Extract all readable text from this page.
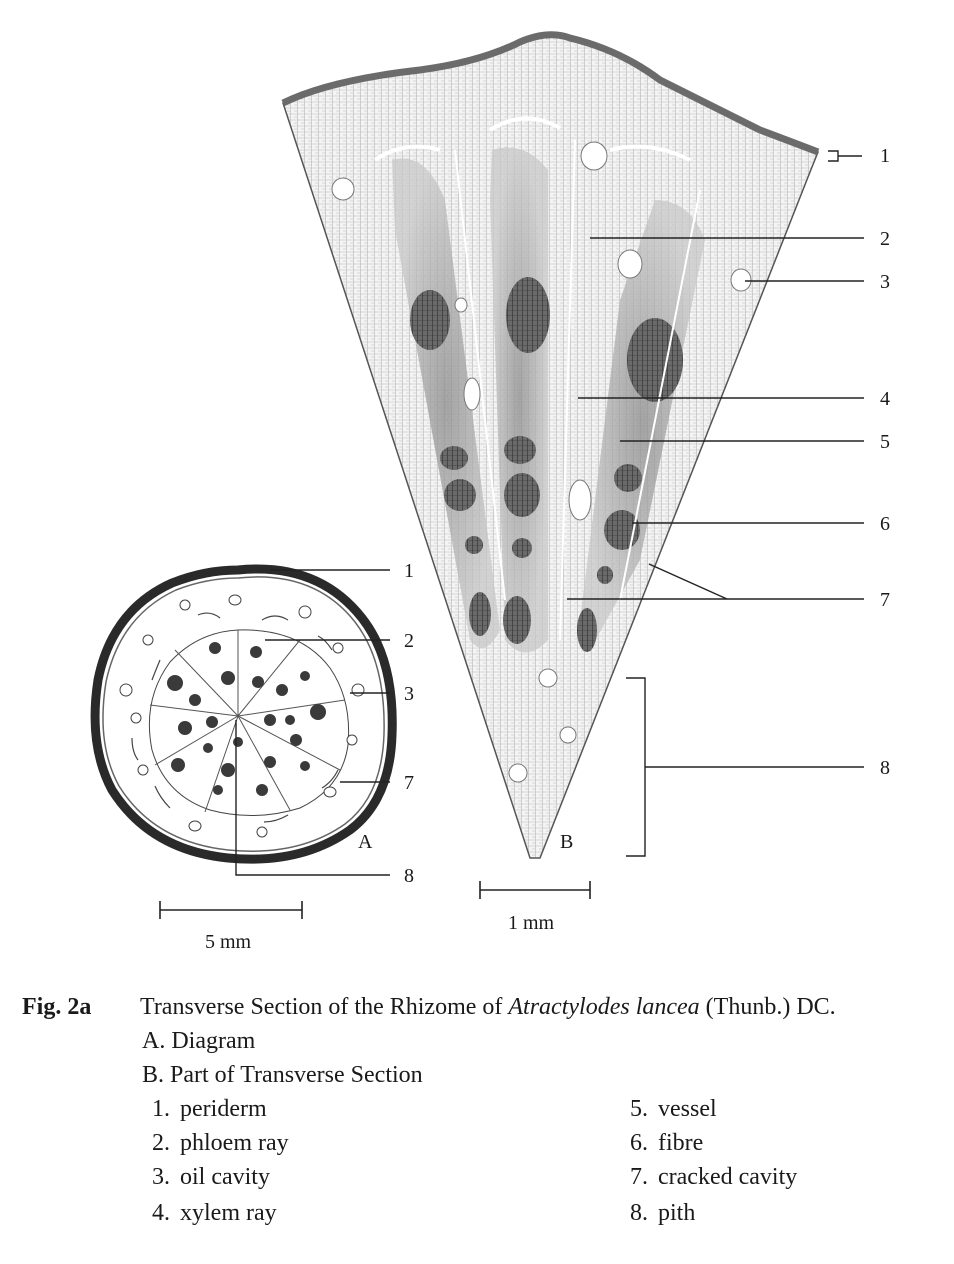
1
2
3
4
5
6
7
8
B
1 mm
1
2
3
7
8
A
5 mm
Fig. 2a	Transverse Section of the Rhizome of Atractylodes lancea (Thunb.) DC.
A. Diagram
B. Part of Transverse Section
1. periderm
2. phloem ray
3. oil cavity
4. xylem ray
5. vessel
6. fibre
7. cracked cavity
8. pith
